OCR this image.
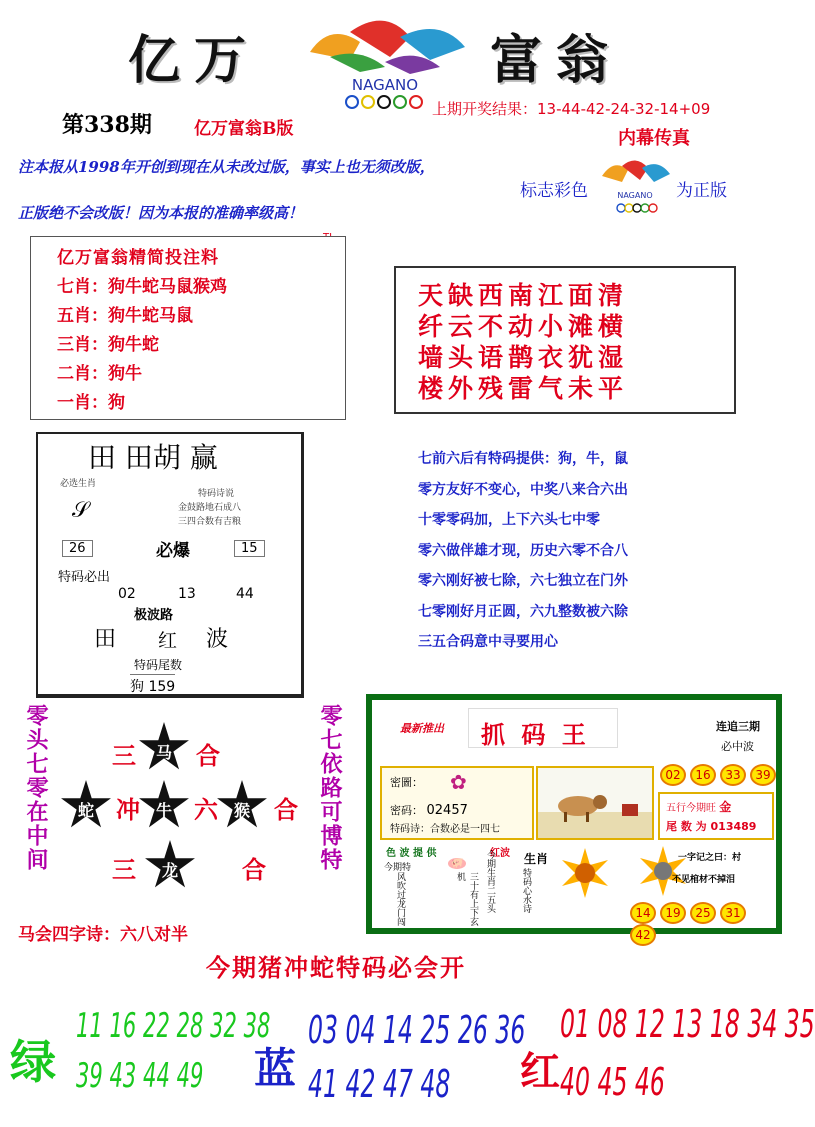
亿万	NAGANO 富翁
第338期 亿万富翁B版
上期开奖结果：13-44-42-24-32-14+09
内幕传真
注本报从1998年开创到现在从未改过版，事实上也无须改版，
正版绝不会改版！因为本报的准确率级高！
标志彩色	NAGANO 为正版
亿万富翁精简投注料
七肖：狗牛蛇马鼠猴鸡
五肖：狗牛蛇马鼠
三肖：狗牛蛇
二肖：狗牛
一肖：狗
天缺西南江面清
纤云不动小滩横
墙头语鹊衣犹湿
楼外残雷气未平
田 田胡 赢
必选生肖
特码诗说
金鼓路地石成八
三四合数有吉粮
𝒮
26	必爆	15
特码必出
02	13	44
极波路
田 红 波
特码尾数
狗 159
七前六后有特码提供：狗，牛，鼠
零方友好不变心，中奖八来合六出
十零零码加，上下六头七中零
零六做伴雄才现，历史六零不合八
零六刚好被七除，六七独立在门外
七零刚好月正圆，六九整数被六除
三五合码意中寻要用心
零头七零在中间	零七依路可博特
三	马	合
蛇 冲 牛 六 猴	合
三	龙	合
马会四字诗：六八对半
最新推出 抓 码 王	连追三期
必中波
密圖： ✿
密码： 02457
特码诗：合数必是一四七
02 16 33 39
五行今期旺 金
尾 数 为 013489
色 波 提 供	红波
今期特	🐖
风吹过龙门闯	三十有上下玄机	今期生肖二五头 生肖
特码心水诗
一字记之曰：村
不见棺材不掉泪
14 19 25 3142
今期猪冲蛇特码必会开
绿
11 16 22 28 32 38
39 43 44 49 蓝
03 04 14 25 26 36
41 42 47 48 红
01 08 12 13 18 34 35
40 45 46
